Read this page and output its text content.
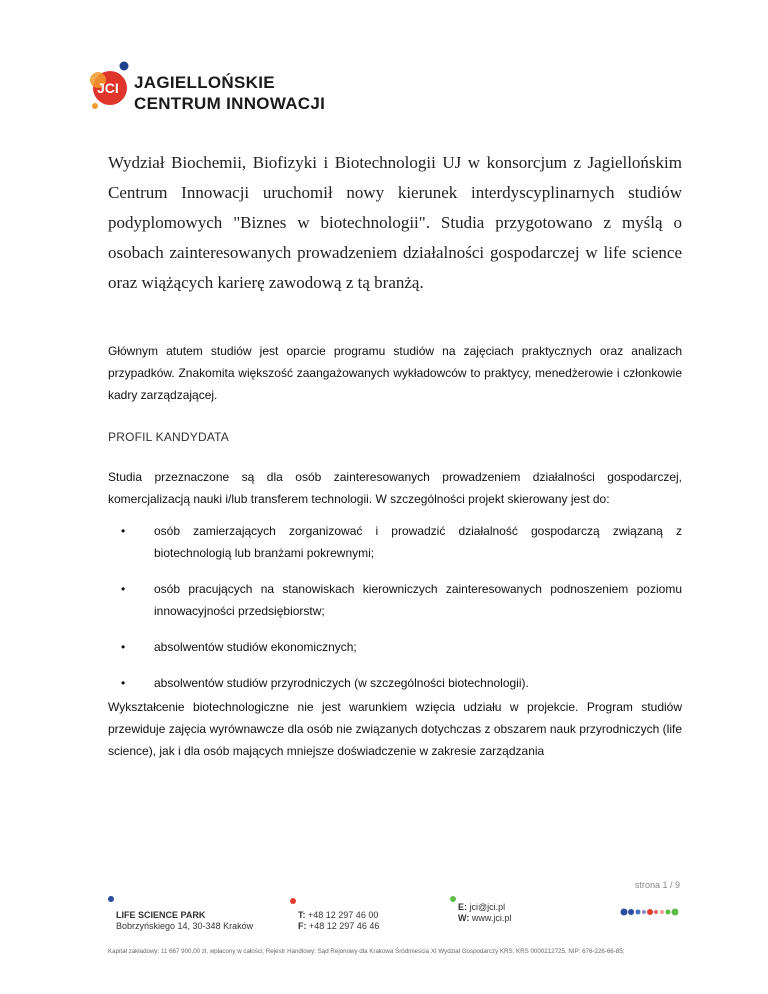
JCI JAGIELLOŃSKIE
CENTRUM INNOWACJI
Wydział Biochemii, Biofizyki i Biotechnologii UJ w konsorcjum z Jagiellońskim Centrum Innowacji uruchomił nowy kierunek interdyscyplinarnych studiów podyplomowych "Biznes w biotechnologii". Studia przygotowano z myślą o osobach zainteresowanych prowadzeniem działalności gospodarczej w life science oraz wiążących karierę zawodową z tą branżą.
Głównym atutem studiów jest oparcie programu studiów na zajęciach praktycznych oraz analizach przypadków. Znakomita większość zaangażowanych wykładowców to praktycy, menedżerowie i członkowie kadry zarządzającej.
PROFIL KANDYDATA
Studia przeznaczone są dla osób zainteresowanych prowadzeniem działalności gospodarczej, komercjalizacją nauki i/lub transferem technologii. W szczególności projekt skierowany jest do:
• osób zamierzających zorganizować i prowadzić działalność gospodarczą związaną z biotechnologią lub branżami pokrewnymi;
• osób pracujących na stanowiskach kierowniczych zainteresowanych podnoszeniem poziomu innowacyjności przedsiębiorstw;
• absolwentów studiów ekonomicznych;
• absolwentów studiów przyrodniczych (w szczególności biotechnologii).
Wykształcenie biotechnologiczne nie jest warunkiem wzięcia udziału w projekcie. Program studiów przewiduje zajęcia wyrównawcze dla osób nie związanych dotychczas z obszarem nauk przyrodniczych (life science), jak i dla osób mających mniejsze doświadczenie w zakresie zarządzania
strona 1 / 9
LIFE SCIENCE PARK
Bobrzyńskiego 14, 30-348 Kraków
T: +48 12 297 46 00
F: +48 12 297 46 46
E: jci@jci.pl
W: www.jci.pl
Kapitał zakładowy: 11 667 900,00 zł, wpłacony w całości; Rejestr Handlowy: Sąd Rejonowy dla Krakowa Śródmieścia XI Wydział Gospodarczy KRS; KRS 0000212725, NIP: 676-226-66-85;
